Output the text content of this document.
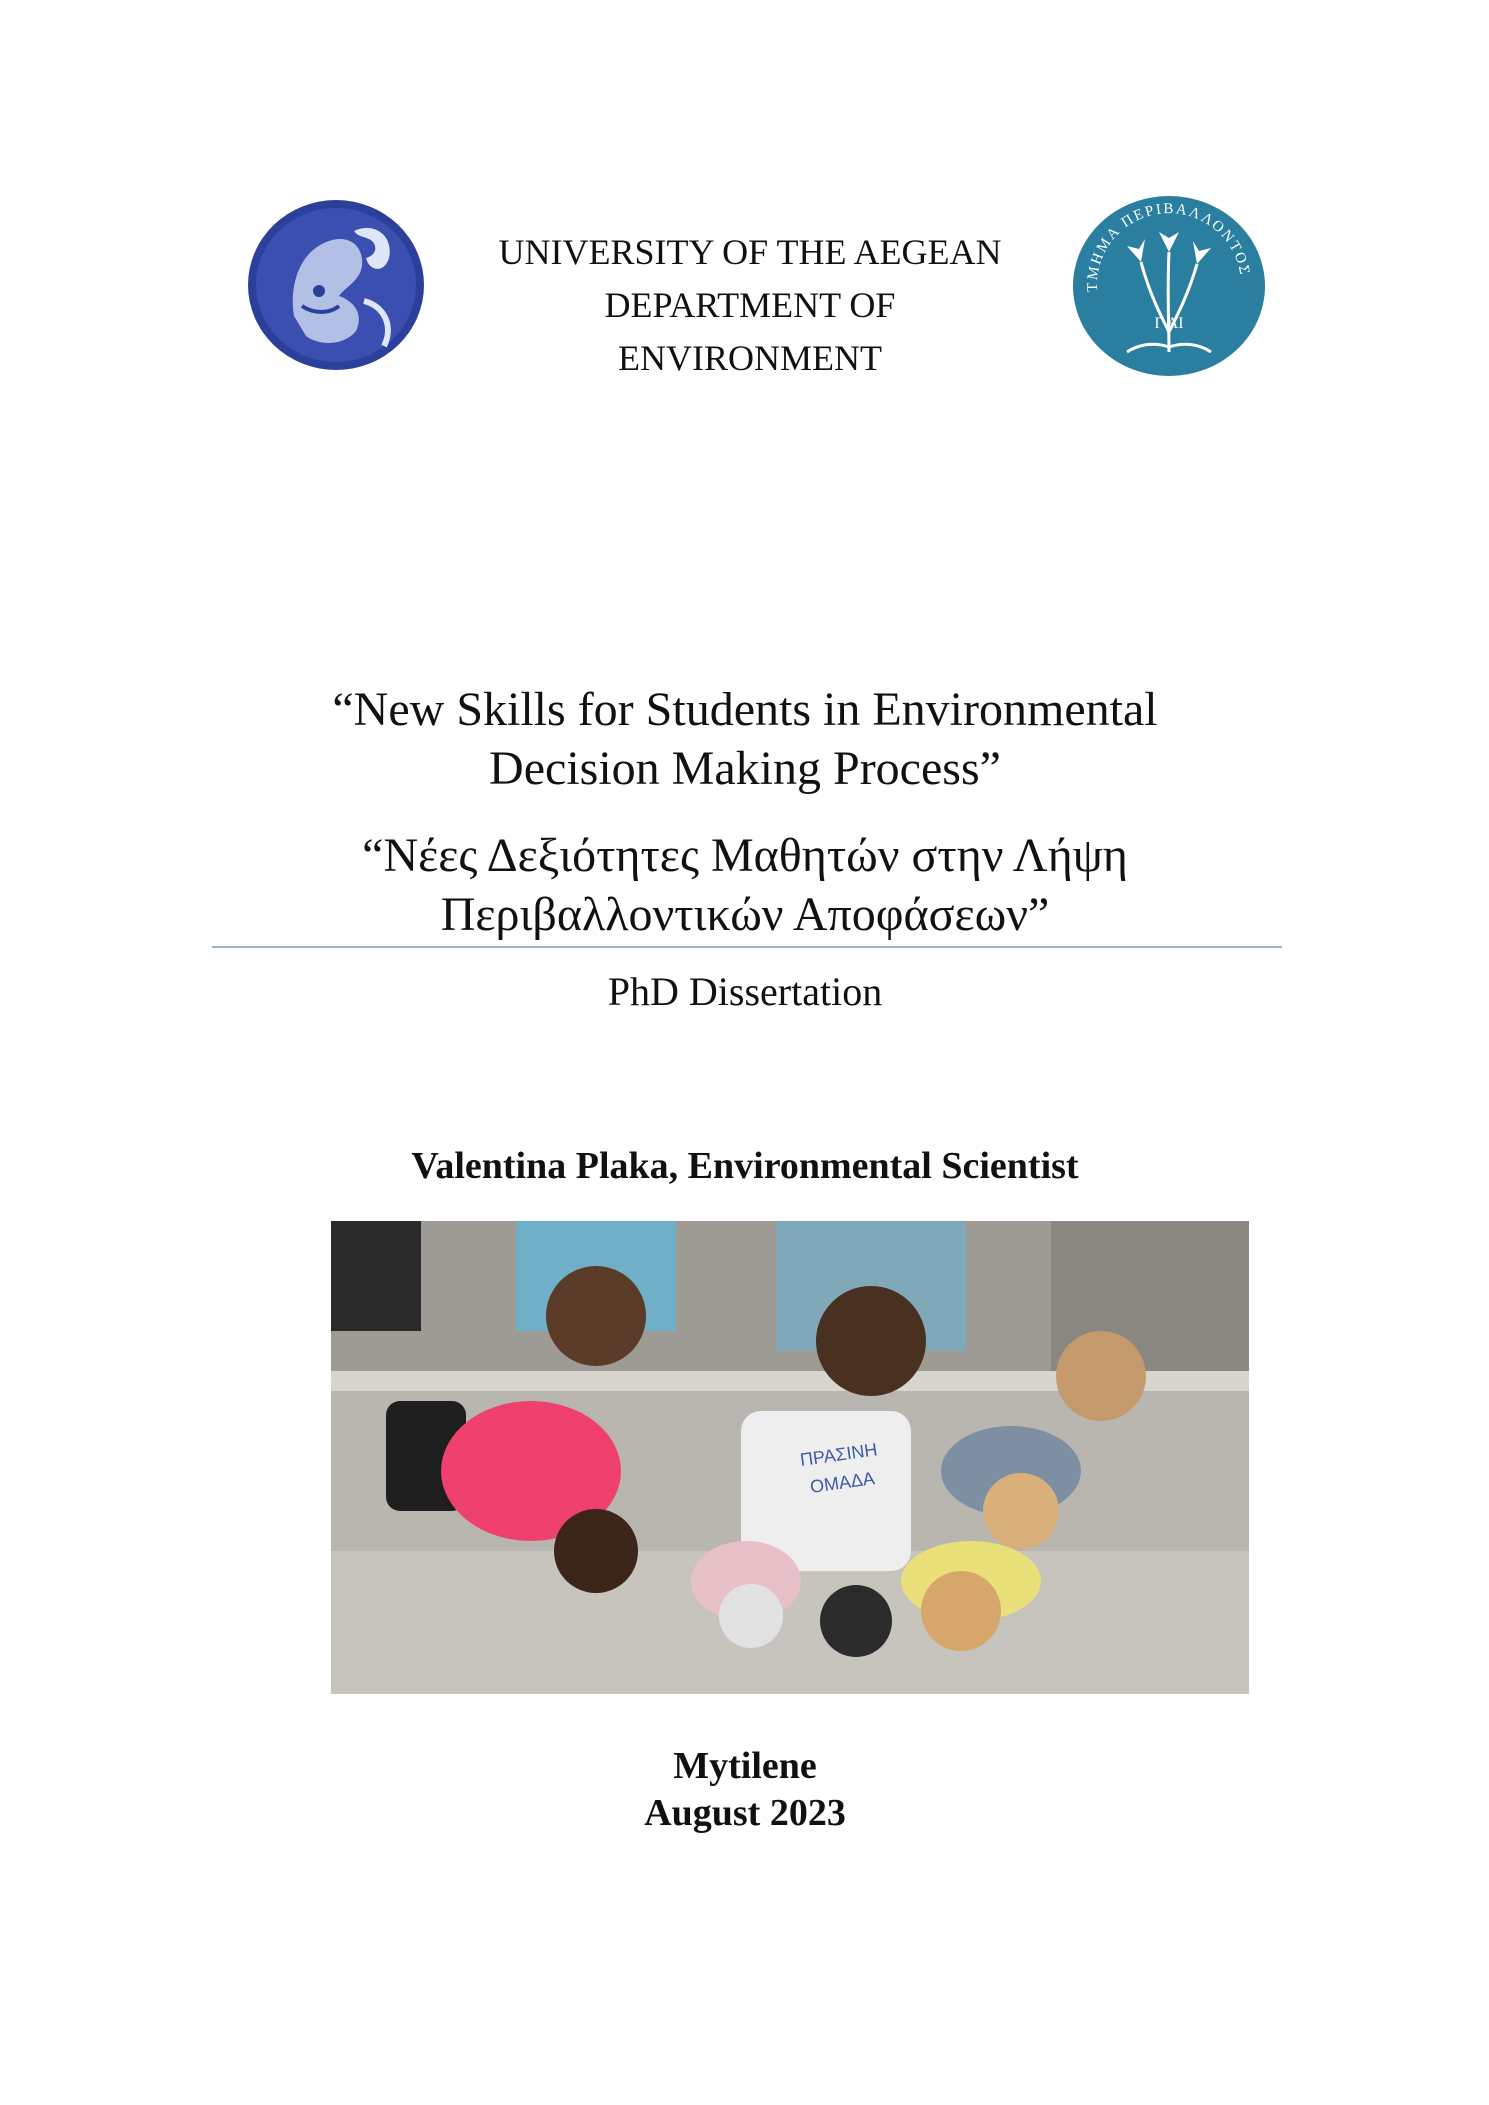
UNIVERSITY OF THE AEGEAN
DEPARTMENT OF
ENVIRONMENT
ΤΜΗΜΑ ΠΕΡΙΒΑΛΛΟΝΤΟΣ
Γ ΑΙ
“New Skills for Students in Environmental
Decision Making Process”
“Νέες Δεξιότητες Μαθητών στην Λήψη
Περιβαλλοντικών Αποφάσεων”
PhD Dissertation
Valentina Plaka, Environmental Scientist
ΠΡΑΣΙΝΗ
ΟΜΑΔΑ
Mytilene
August 2023
